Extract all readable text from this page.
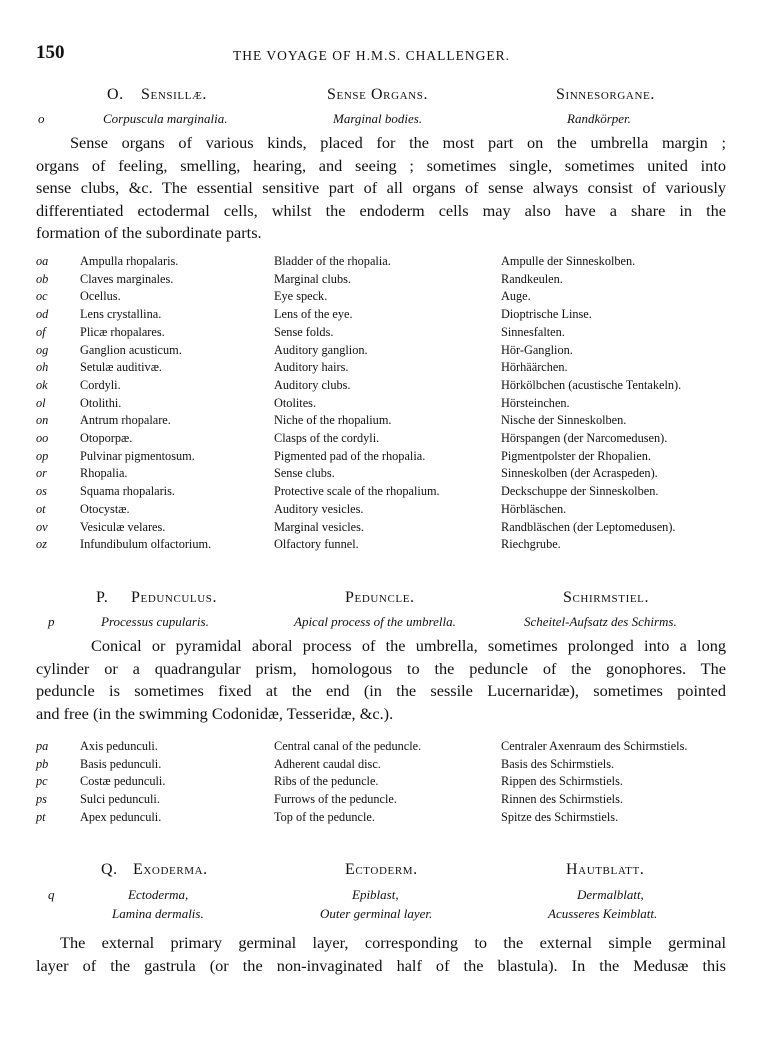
150	THE VOYAGE OF H.M.S. CHALLENGER.
O. Sensillæ.	Sense Organs.	Sinnesorgane.
o	Corpuscula marginalia.	Marginal bodies.	Randkörper.
Sense organs of various kinds, placed for the most part on the umbrella margin ;
organs of feeling, smelling, hearing, and seeing ; sometimes single, sometimes united into
sense clubs, &c. The essential sensitive part of all organs of sense always consist of variously
differentiated ectodermal cells, whilst the endoderm cells may also have a share in the
formation of the subordinate parts.
oa	Ampulla rhopalaris.	Bladder of the rhopalia.	Ampulle der Sinneskolben.
ob	Claves marginales.	Marginal clubs.	Randkeulen.
oc	Ocellus.	Eye speck.	Auge.
od	Lens crystallina.	Lens of the eye.	Dioptrische Linse.
of	Plicæ rhopalares.	Sense folds.	Sinnesfalten.
og	Ganglion acusticum.	Auditory ganglion.	Hör-Ganglion.
oh	Setulæ auditivæ.	Auditory hairs.	Hörhäärchen.
ok	Cordyli.	Auditory clubs.	Hörkölbchen (acustische Tentakeln).
ol	Otolithi.	Otolites.	Hörsteinchen.
on	Antrum rhopalare.	Niche of the rhopalium.	Nische der Sinneskolben.
oo	Otoporpæ.	Clasps of the cordyli.	Hörspangen (der Narcomedusen).
op	Pulvinar pigmentosum.	Pigmented pad of the rhopalia.	Pigmentpolster der Rhopalien.
or	Rhopalia.	Sense clubs.	Sinneskolben (der Acraspeden).
os	Squama rhopalaris.	Protective scale of the rhopalium.	Deckschuppe der Sinneskolben.
ot	Otocystæ.	Auditory vesicles.	Hörbläschen.
ov	Vesiculæ velares.	Marginal vesicles.	Randbläschen (der Leptomedusen).
oz	Infundibulum olfactorium.	Olfactory funnel.	Riechgrube.
P. Pedunculus.	Peduncle.	Schirmstiel.
p	Processus cupularis.	Apical process of the umbrella.	Scheitel-Aufsatz des Schirms.
Conical or pyramidal aboral process of the umbrella, sometimes prolonged into a long
cylinder or a quadrangular prism, homologous to the peduncle of the gonophores. The
peduncle is sometimes fixed at the end (in the sessile Lucernaridæ), sometimes pointed
and free (in the swimming Codonidæ, Tesseridæ, &c.).
pa	Axis pedunculi.	Central canal of the peduncle.	Centraler Axenraum des Schirmstiels.
pb	Basis pedunculi.	Adherent caudal disc.	Basis des Schirmstiels.
pc	Costæ pedunculi.	Ribs of the peduncle.	Rippen des Schirmstiels.
ps	Sulci pedunculi.	Furrows of the peduncle.	Rinnen des Schirmstiels.
pt	Apex pedunculi.	Top of the peduncle.	Spitze des Schirmstiels.
Q. Exoderma.	Ectoderm.	Hautblatt.
q	Ectoderma,	Epiblast,	Dermalblatt,
Lamina dermalis.	Outer germinal layer.	Acusseres Keimblatt.
The external primary germinal layer, corresponding to the external simple germinal
layer of the gastrula (or the non-invaginated half of the blastula). In the Medusæ this
